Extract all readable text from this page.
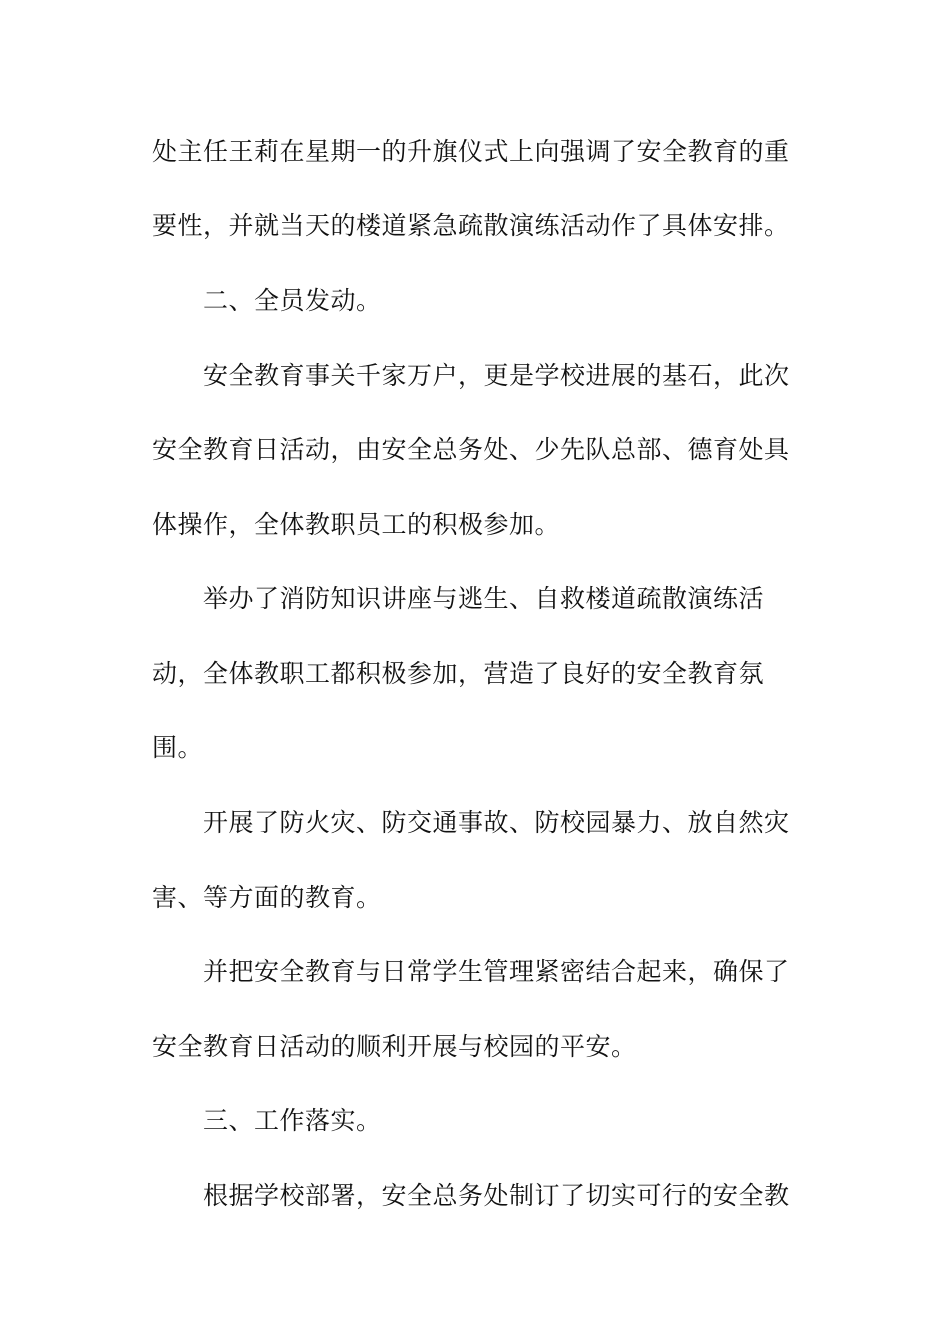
处主任王莉在星期一的升旗仪式上向强调了安全教育的重
要性，并就当天的楼道紧急疏散演练活动作了具体安排。
二、全员发动。
安全教育事关千家万户，更是学校进展的基石，此次
安全教育日活动，由安全总务处、少先队总部、德育处具
体操作，全体教职员工的积极参加。
举办了消防知识讲座与逃生、自救楼道疏散演练活
动，全体教职工都积极参加，营造了良好的安全教育氛
围。
开展了防火灾、防交通事故、防校园暴力、放自然灾
害、等方面的教育。
并把安全教育与日常学生管理紧密结合起来，确保了
安全教育日活动的顺利开展与校园的平安。
三、工作落实。
根据学校部署，安全总务处制订了切实可行的安全教
